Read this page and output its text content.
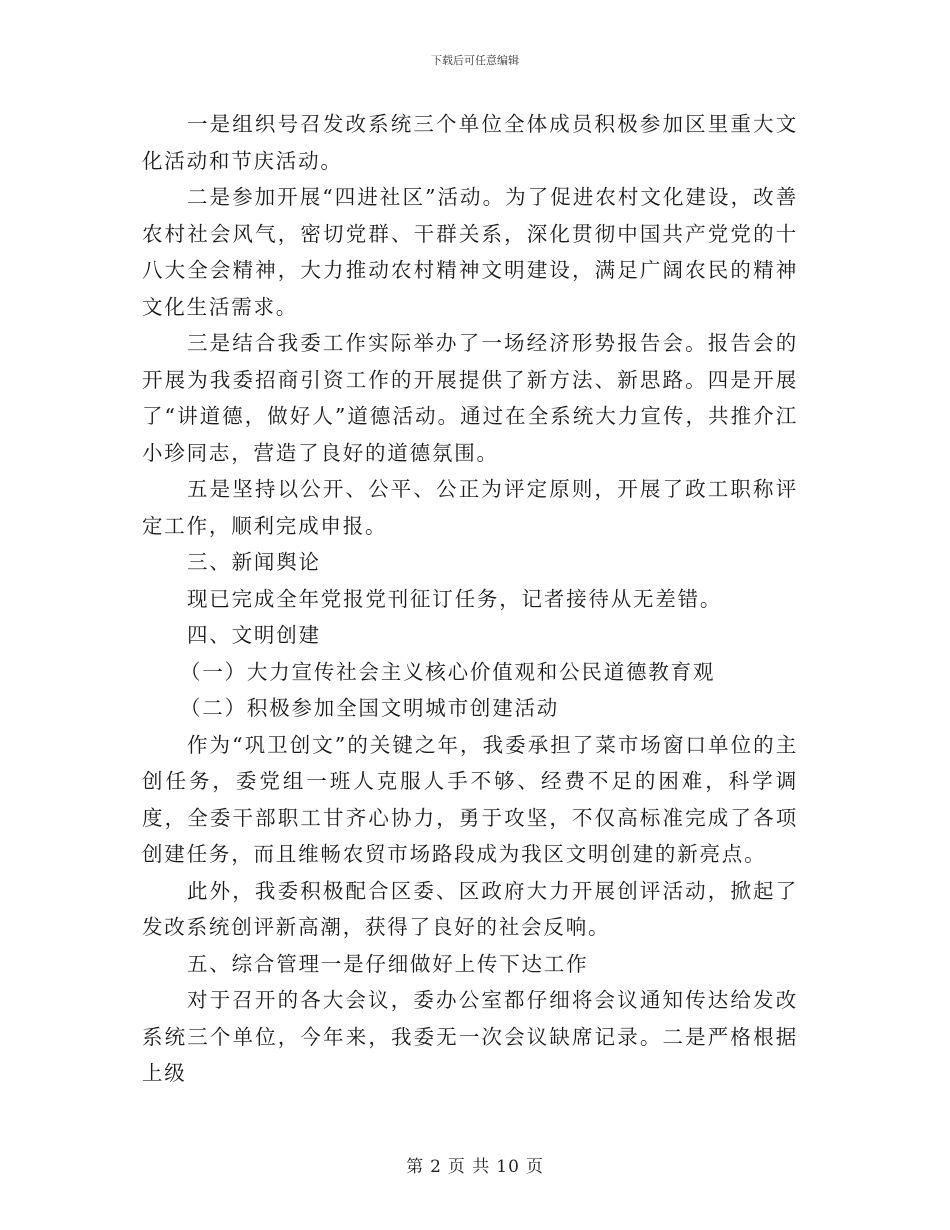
下载后可任意编辑

一是组织号召发改系统三个单位全体成员积极参加区里重大文化活动和节庆活动。

二是参加开展“四进社区”活动。为了促进农村文化建设，改善农村社会风气，密切党群、干群关系，深化贯彻中国共产党党的十八大全会精神，大力推动农村精神文明建设，满足广阔农民的精神文化生活需求。

三是结合我委工作实际举办了一场经济形势报告会。报告会的开展为我委招商引资工作的开展提供了新方法、新思路。四是开展了“讲道德，做好人”道德活动。通过在全系统大力宣传，共推介江小珍同志，营造了良好的道德氛围。

五是坚持以公开、公平、公正为评定原则，开展了政工职称评定工作，顺利完成申报。

三、新闻舆论

现已完成全年党报党刊征订任务，记者接待从无差错。

四、文明创建

（一）大力宣传社会主义核心价值观和公民道德教育观

（二）积极参加全国文明城市创建活动

作为“巩卫创文”的关键之年，我委承担了菜市场窗口单位的主创任务，委党组一班人克服人手不够、经费不足的困难，科学调度，全委干部职工甘齐心协力，勇于攻坚，不仅高标准完成了各项创建任务，而且维畅农贸市场路段成为我区文明创建的新亮点。

此外，我委积极配合区委、区政府大力开展创评活动，掀起了发改系统创评新高潮，获得了良好的社会反响。

五、综合管理一是仔细做好上传下达工作

对于召开的各大会议，委办公室都仔细将会议通知传达给发改系统三个单位，今年来，我委无一次会议缺席记录。二是严格根据上级

第 2 页 共 10 页
